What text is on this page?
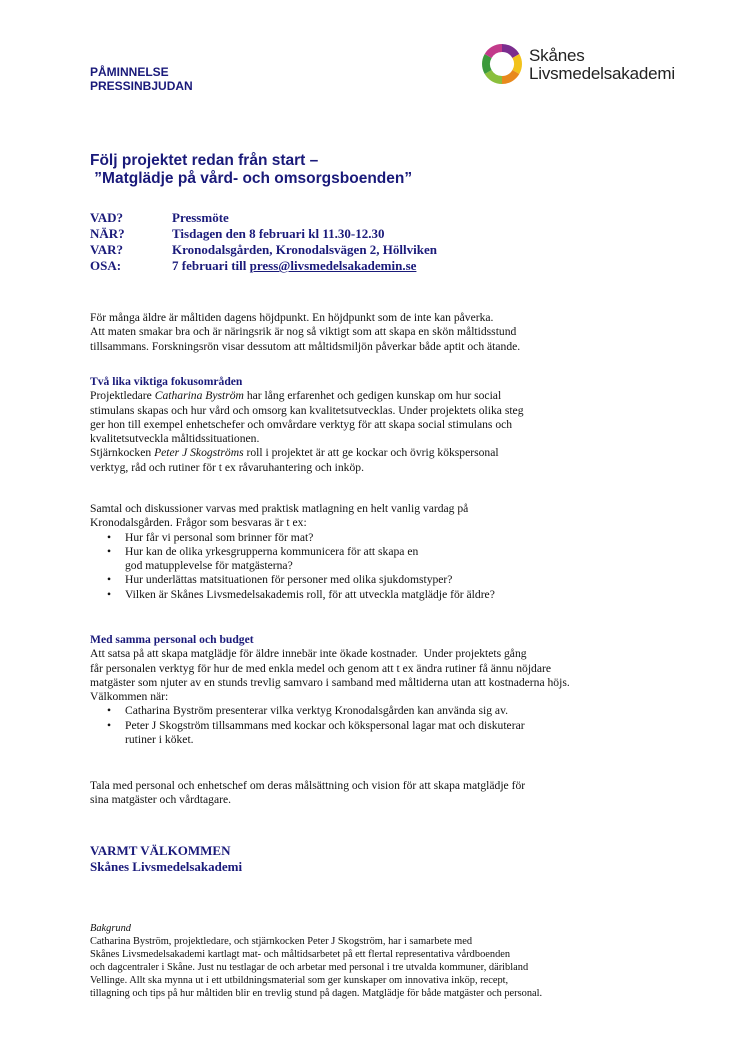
PÅMINNELSE
PRESSINBJUDAN
Skånes
Livsmedelsakademi
Följ projektet redan från start –
”Matglädje på vård- och omsorgsboenden”
VAD?	Pressmöte
NÄR?	Tisdagen den 8 februari kl 11.30-12.30
VAR?	Kronodalsgården, Kronodalsvägen 2, Höllviken
OSA:	7 februari till press@livsmedelsakademin.se

För många äldre är måltiden dagens höjdpunkt. En höjdpunkt som de inte kan påverka.

Att maten smakar bra och är näringsrik är nog så viktigt som att skapa en skön måltidsstund

tillsammans. Forskningsrön visar dessutom att måltidsmiljön påverkar både aptit och ätande.

Två lika viktiga fokusområden

Projektledare Catharina Byström har lång erfarenhet och gedigen kunskap om hur social

stimulans skapas och hur vård och omsorg kan kvalitetsutvecklas. Under projektets olika steg

ger hon till exempel enhetschefer och omvårdare verktyg för att skapa social stimulans och

kvalitetsutveckla måltidssituationen.

Stjärnkocken Peter J Skogströms roll i projektet är att ge kockar och övrig kökspersonal

verktyg, råd och rutiner för t ex råvaruhantering och inköp.

Samtal och diskussioner varvas med praktisk matlagning en helt vanlig vardag på

Kronodalsgården. Frågor som besvaras är t ex:

• Hur får vi personal som brinner för mat?
• Hur kan de olika yrkesgrupperna kommunicera för att skapa en
god matupplevelse för matgästerna?
• Hur underlättas matsituationen för personer med olika sjukdomstyper?
• Vilken är Skånes Livsmedelsakademis roll, för att utveckla matglädje för äldre?
Med samma personal och budget

Att satsa på att skapa matglädje för äldre innebär inte ökade kostnader.  Under projektets gång

får personalen verktyg för hur de med enkla medel och genom att t ex ändra rutiner få ännu nöjdare

matgäster som njuter av en stunds trevlig samvaro i samband med måltiderna utan att kostnaderna höjs.

Välkommen när:

• Catharina Byström presenterar vilka verktyg Kronodalsgården kan använda sig av.
• Peter J Skogström tillsammans med kockar och kökspersonal lagar mat och diskuterar
rutiner i köket.

Tala med personal och enhetschef om deras målsättning och vision för att skapa matglädje för

sina matgäster och vårdtagare.

VARMT VÄLKOMMEN
Skånes Livsmedelsakademi

Bakgrund

Catharina Byström, projektledare, och stjärnkocken Peter J Skogström, har i samarbete med

Skånes Livsmedelsakademi kartlagt mat- och måltidsarbetet på ett flertal representativa vårdboenden

och dagcentraler i Skåne. Just nu testlagar de och arbetar med personal i tre utvalda kommuner, däribland

Vellinge. Allt ska mynna ut i ett utbildningsmaterial som ger kunskaper om innovativa inköp, recept,

tillagning och tips på hur måltiden blir en trevlig stund på dagen. Matglädje för både matgäster och personal.
